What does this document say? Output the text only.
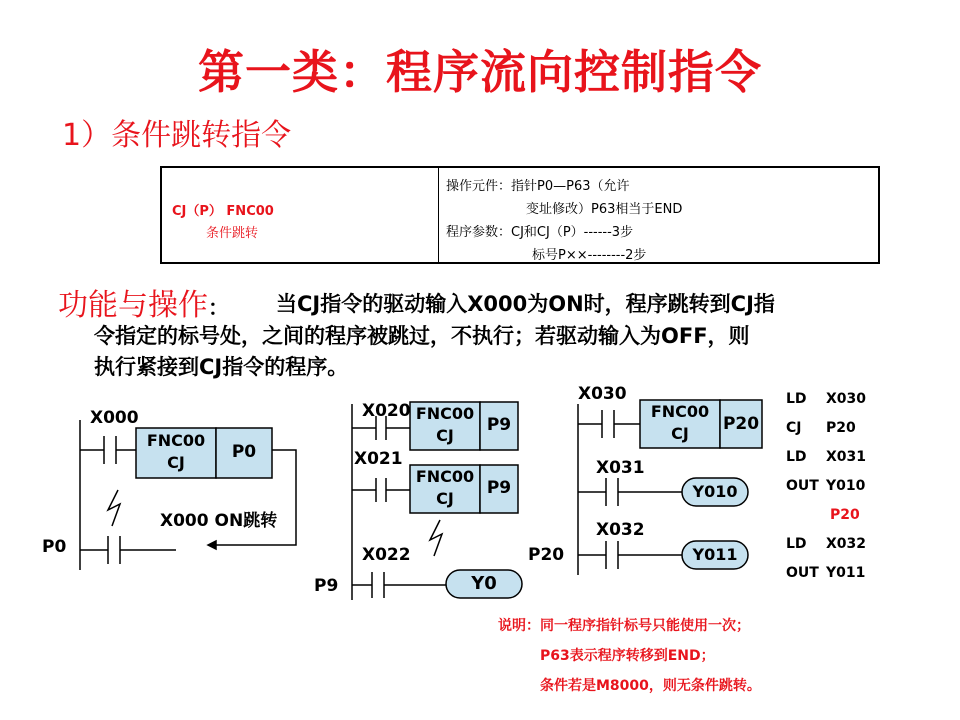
第一类：程序流向控制指令
1）条件跳转指令
CJ（P） FNC00
条件跳转
操作元件：指针P0—P63（允许
变址修改）P63相当于END
程序参数：CJ和CJ（P）------3步
标号P××--------2步
功能与操作： 当CJ指令的驱动输入X000为ON时，程序跳转到CJ指
令指定的标号处，之间的程序被跳过，不执行；若驱动输入为OFF，则
执行紧接到CJ指令的程序。
X000
FNC00
CJ
P0
X000 ON跳转
P0
X020 FNC00
CJ
P9
X021
FNC00
CJ
P9
X022
Y0
P9
X030
FNC00
CJ	P20
X031
Y010
X032
Y011
P20
LD X030
CJ P20
LD X031
OUT Y010
P20
LD X032
OUT Y011
说明：同一程序指针标号只能使用一次；
P63表示程序转移到END；
条件若是M8000，则无条件跳转。
